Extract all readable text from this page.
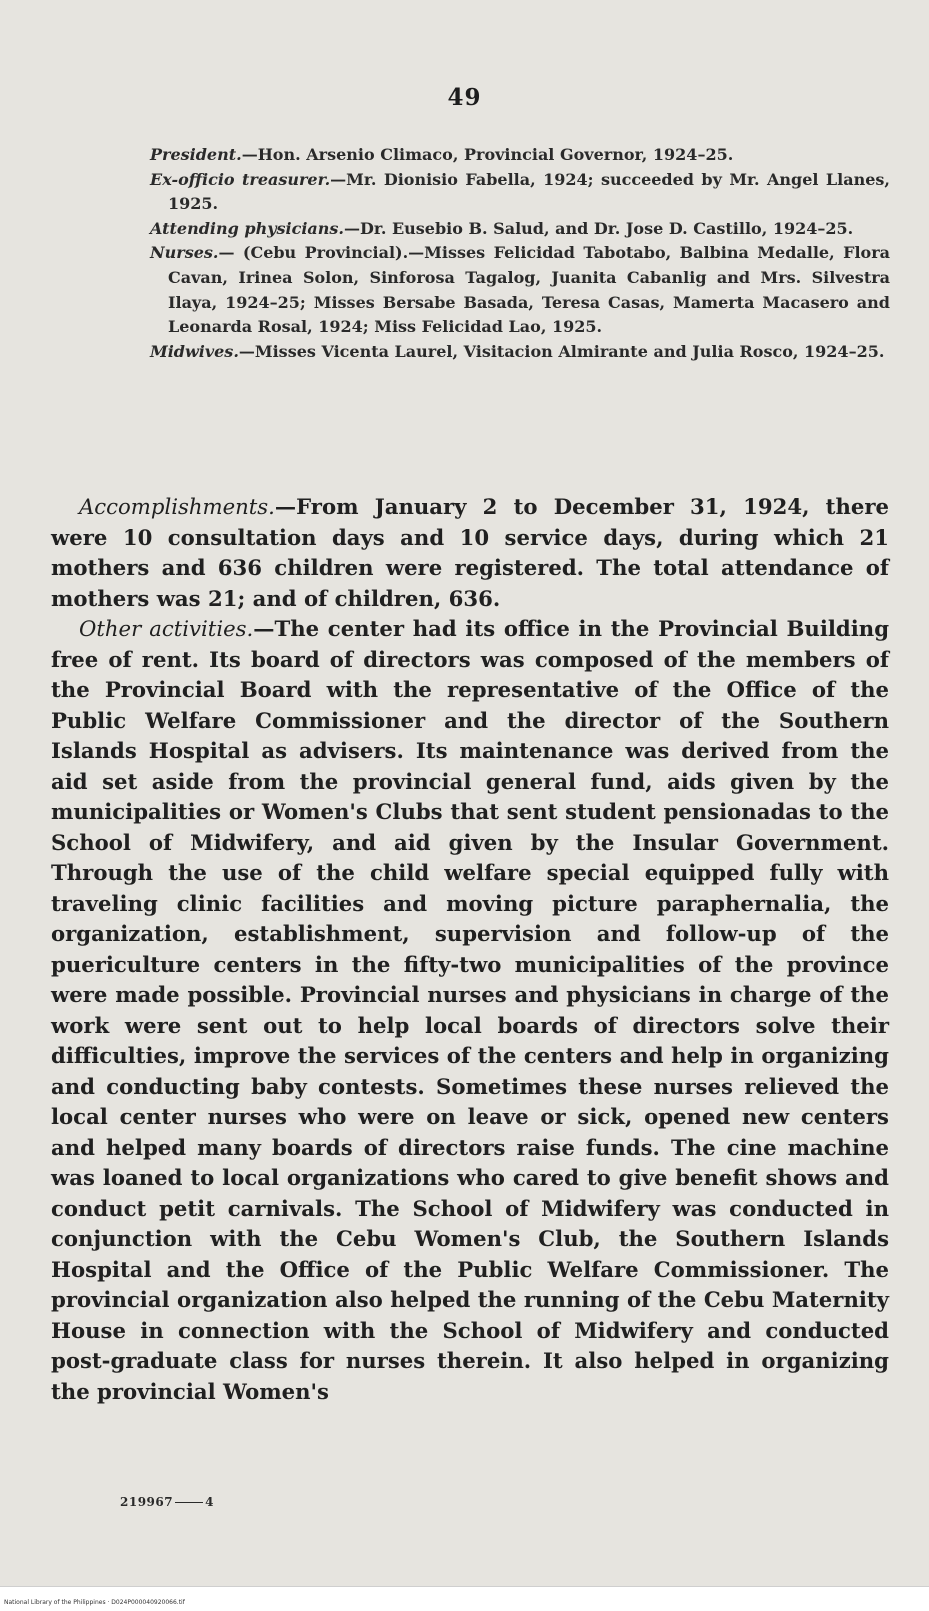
49

President.—Hon. Arsenio Climaco, Provincial Governor, 1924–25.

Ex-officio treasurer.—Mr. Dionisio Fabella, 1924; succeeded by Mr. Angel Llanes, 1925.

Attending physicians.—Dr. Eusebio B. Salud, and Dr. Jose D. Castillo, 1924–25.

Nurses.— (Cebu Provincial).—Misses Felicidad Tabotabo, Balbina Medalle, Flora Cavan, Irinea Solon, Sinforosa Tagalog, Juanita Cabanlig and Mrs. Silvestra Ilaya, 1924–25; Misses Bersabe Basada, Teresa Casas, Mamerta Macasero and Leonarda Rosal, 1924; Miss Felicidad Lao, 1925.

Midwives.—Misses Vicenta Laurel, Visitacion Almirante and Julia Rosco, 1924–25.

Accomplishments.—From January 2 to December 31, 1924, there were 10 consultation days and 10 service days, during which 21 mothers and 636 children were registered. The total attendance of mothers was 21; and of children, 636.

Other activities.—The center had its office in the Provincial Building free of rent. Its board of directors was composed of the members of the Provincial Board with the representative of the Office of the Public Welfare Commissioner and the director of the Southern Islands Hospital as advisers. Its maintenance was derived from the aid set aside from the provincial general fund, aids given by the municipalities or Women's Clubs that sent student pensionadas to the School of Midwifery, and aid given by the Insular Government. Through the use of the child welfare special equipped fully with traveling clinic facilities and moving picture paraphernalia, the organization, establishment, supervision and follow-up of the puericulture centers in the fifty-two municipalities of the province were made possible. Provincial nurses and physicians in charge of the work were sent out to help local boards of directors solve their difficulties, improve the services of the centers and help in organizing and conducting baby contests. Sometimes these nurses relieved the local center nurses who were on leave or sick, opened new centers and helped many boards of directors raise funds. The cine machine was loaned to local organizations who cared to give benefit shows and conduct petit carnivals. The School of Midwifery was conducted in conjunction with the Cebu Women's Club, the Southern Islands Hospital and the Office of the Public Welfare Commissioner. The provincial organization also helped the running of the Cebu Maternity House in connection with the School of Midwifery and conducted post-graduate class for nurses therein. It also helped in organizing the provincial Women's

219967	4
National Library of the Philippines · D024P000040920066.tif
